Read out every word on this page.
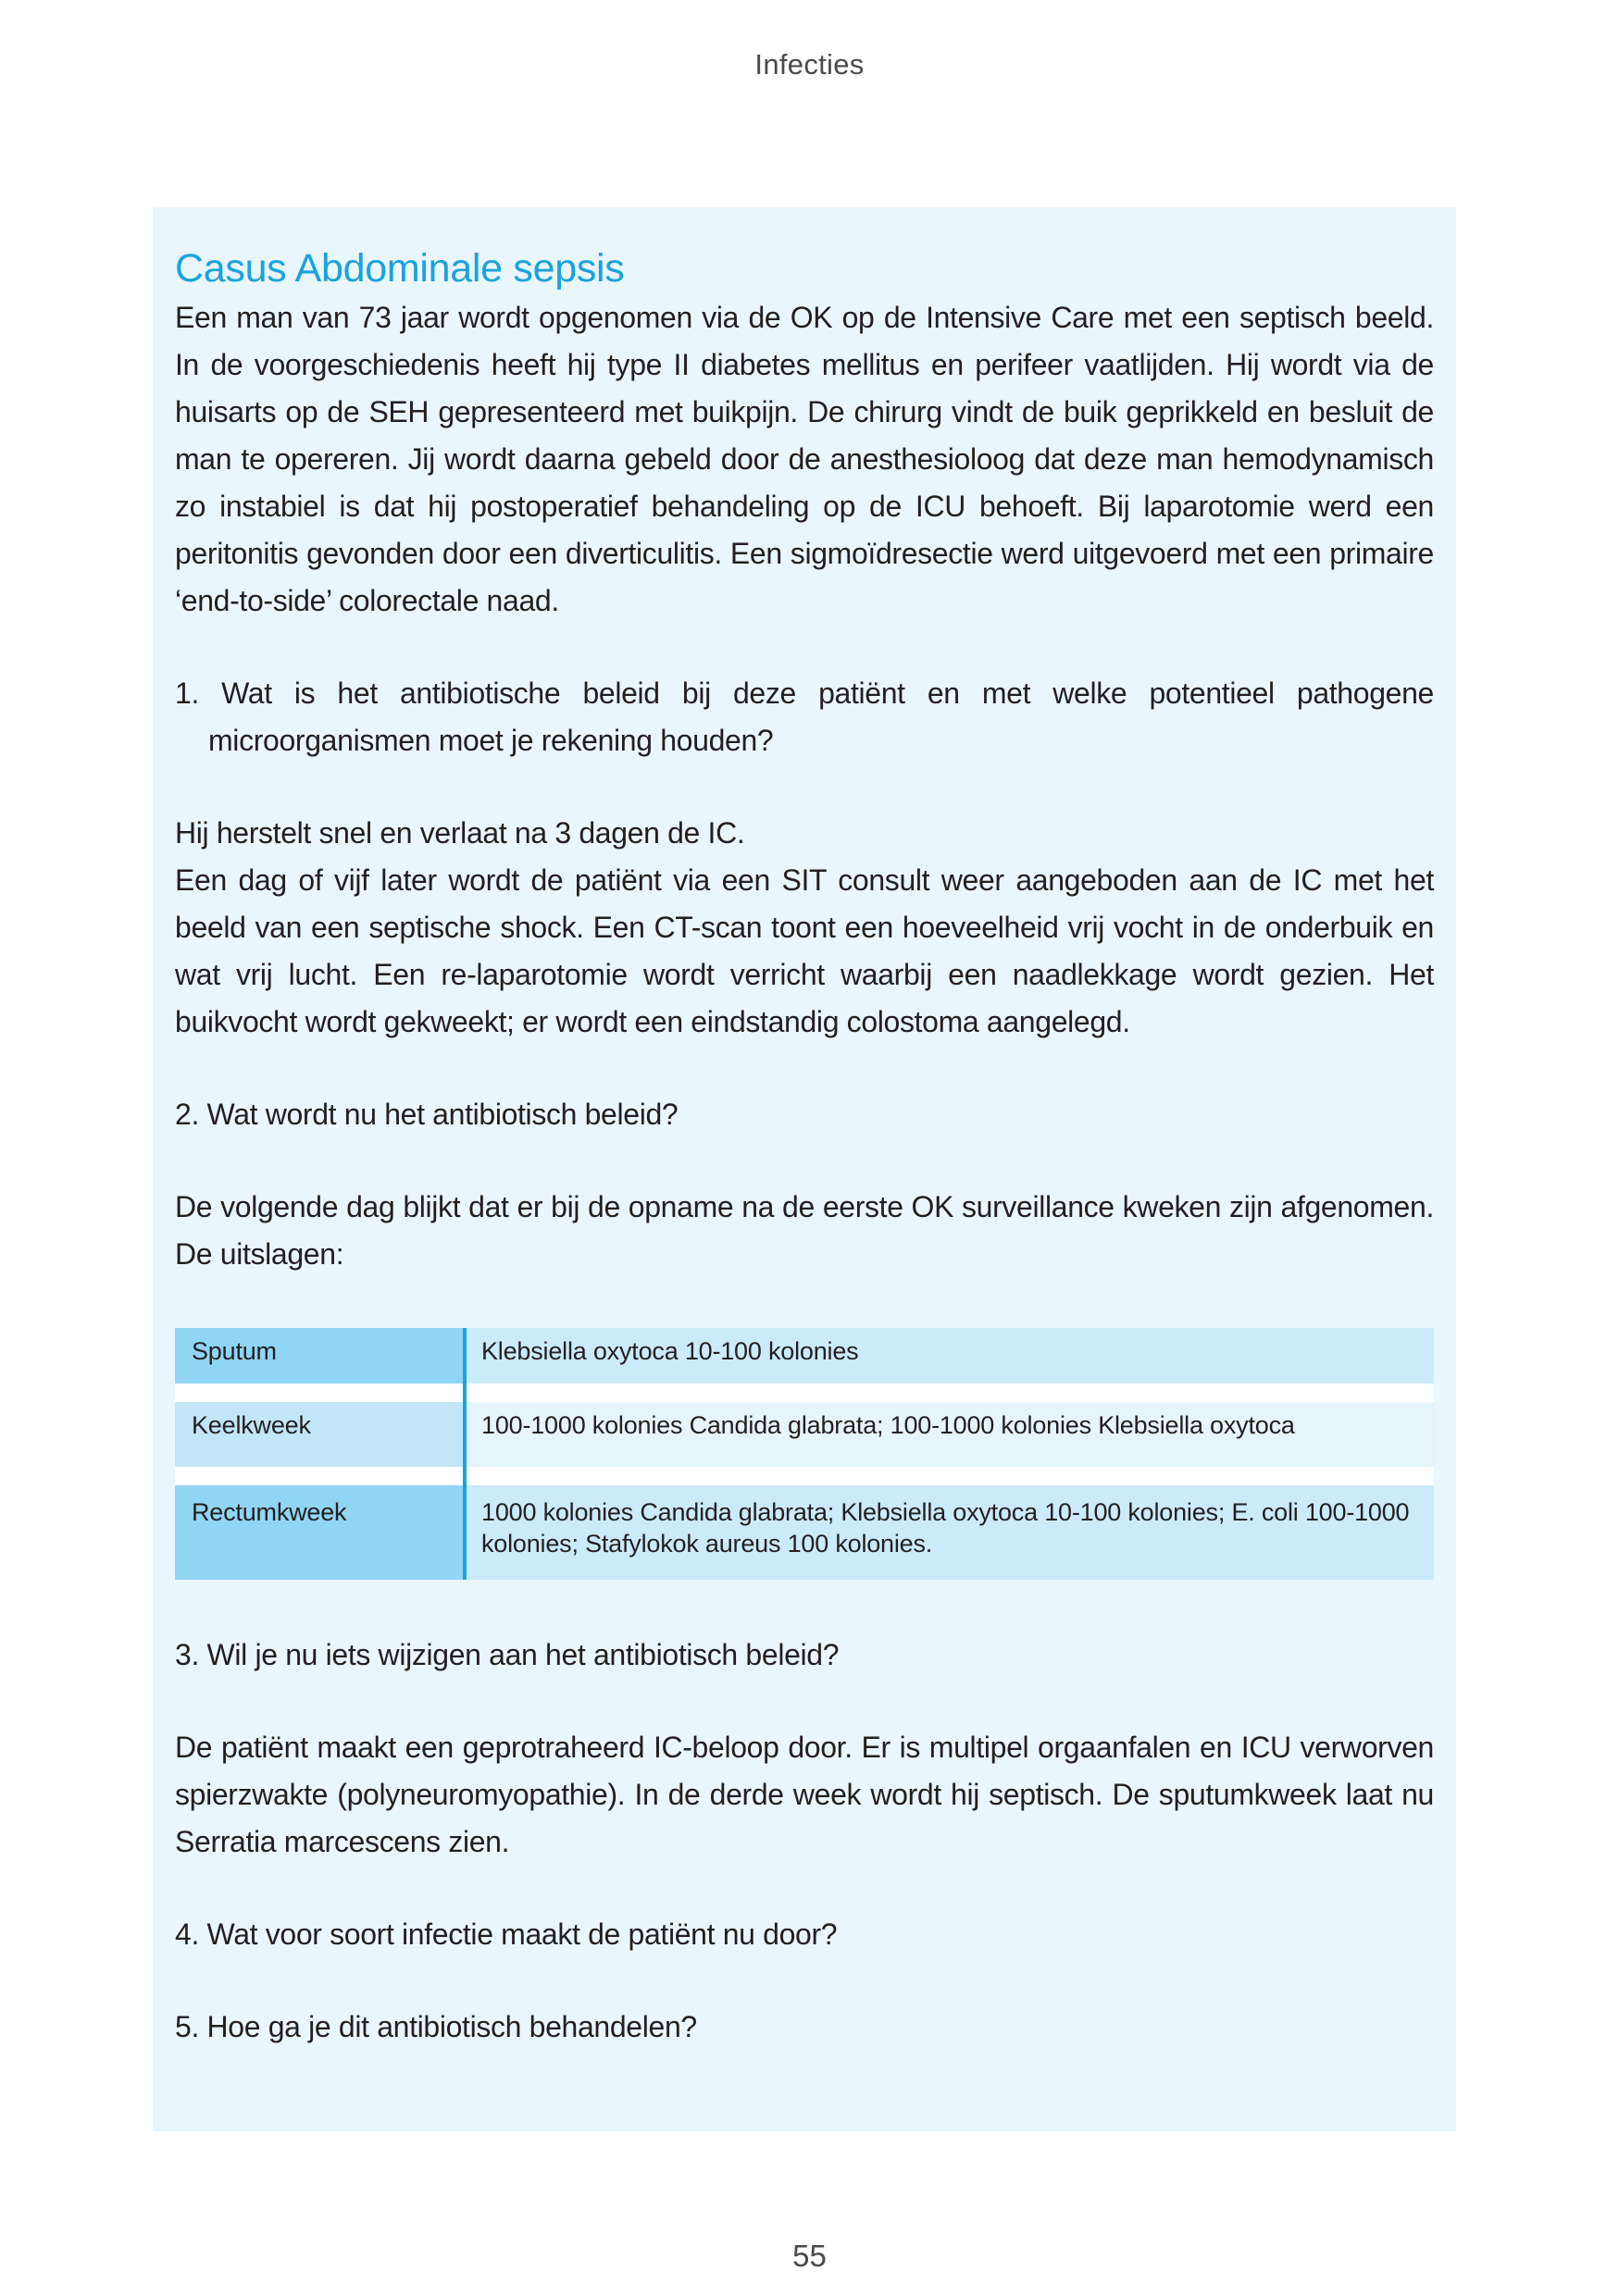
Infecties
Casus Abdominale sepsis

Een man van 73 jaar wordt opgenomen via de OK op de Intensive Care met een septisch beeld. In de voorgeschiedenis heeft hij type II diabetes mellitus en perifeer vaatlijden. Hij wordt via de huisarts op de SEH gepresenteerd met buikpijn. De chirurg vindt de buik geprikkeld en besluit de man te opereren. Jij wordt daarna gebeld door de anesthesioloog dat deze man hemodynamisch zo instabiel is dat hij postoperatief behandeling op de ICU behoeft. Bij laparotomie werd een peritonitis gevonden door een diverticulitis. Een sigmoïdresectie werd uitgevoerd met een primaire ‘end-to-side’ colorectale naad.

1. Wat is het antibiotische beleid bij deze patiënt en met welke potentieel pathogene microorganismen moet je rekening houden?

Hij herstelt snel en verlaat na 3 dagen de IC.

Een dag of vijf later wordt de patiënt via een SIT consult weer aangeboden aan de IC met het beeld van een septische shock. Een CT-scan toont een hoeveelheid vrij vocht in de onderbuik en wat vrij lucht. Een re-laparotomie wordt verricht waarbij een naadlekkage wordt gezien. Het buikvocht wordt gekweekt; er wordt een eindstandig colostoma aangelegd.

2. Wat wordt nu het antibiotisch beleid?

De volgende dag blijkt dat er bij de opname na de eerste OK surveillance kweken zijn afgenomen. De uitslagen:

Sputum	Klebsiella oxytoca 10-100 kolonies

Keelkweek	100-1000 kolonies Candida glabrata; 100-1000 kolonies Klebsiella oxytoca

Rectumkweek	1000 kolonies Candida glabrata; Klebsiella oxytoca 10-100 kolonies; E. coli 100-1000 kolonies; Stafylokok aureus 100 kolonies.

3. Wil je nu iets wijzigen aan het antibiotisch beleid?

De patiënt maakt een geprotraheerd IC-beloop door. Er is multipel orgaanfalen en ICU verworven spierzwakte (polyneuromyopathie). In de derde week wordt hij septisch. De sputumkweek laat nu Serratia marcescens zien.

4. Wat voor soort infectie maakt de patiënt nu door?

5. Hoe ga je dit antibiotisch behandelen?

55
